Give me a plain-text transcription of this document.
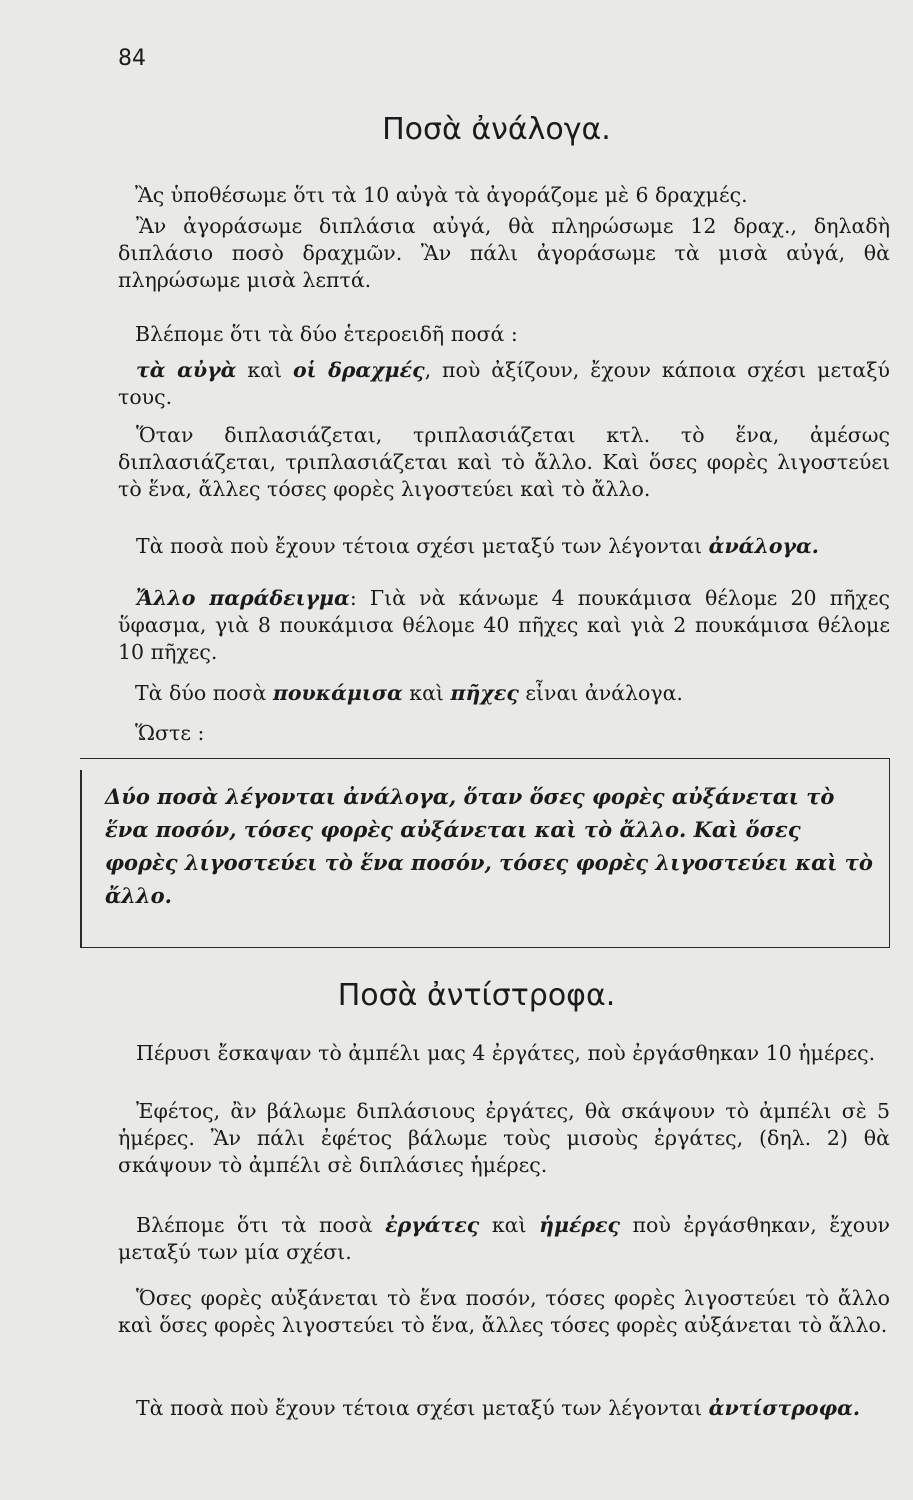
84
Ποσὰ ἀνάλογα.

Ἂς ὑποθέσωμε ὅτι τὰ 10 αὐγὰ τὰ ἀγοράζομε μὲ 6 δραχμές.

Ἂν ἀγοράσωμε διπλάσια αὐγά, θὰ πληρώσωμε 12 δραχ., δηλαδὴ διπλάσιο ποσὸ δραχμῶν. Ἂν πάλι ἀγοράσωμε τὰ μισὰ αὐγά, θὰ πληρώσωμε μισὰ λεπτά.

Βλέπομε ὅτι τὰ δύο ἑτεροειδῆ ποσά :

τὰ αὐγὰ καὶ οἱ δραχμές, ποὺ ἀξίζουν, ἔχουν κάποια σχέσι μεταξύ τους.

Ὅταν διπλασιάζεται, τριπλασιάζεται κτλ. τὸ ἕνα, ἀμέσως διπλασιάζεται, τριπλασιάζεται καὶ τὸ ἄλλο. Καὶ ὅσες φορὲς λιγοστεύει τὸ ἕνα, ἄλλες τόσες φορὲς λιγοστεύει καὶ τὸ ἄλλο.

Τὰ ποσὰ ποὺ ἔχουν τέτοια σχέσι μεταξύ των λέγονται ἀνάλογα.

Ἄλλο παράδειγμα: Γιὰ νὰ κάνωμε 4 πουκάμισα θέλομε 20 πῆχες ὕφασμα, γιὰ 8 πουκάμισα θέλομε 40 πῆχες καὶ γιὰ 2 πουκάμισα θέλομε 10 πῆχες.

Τὰ δύο ποσὰ πουκάμισα καὶ πῆχες εἶναι ἀνάλογα.

Ὥστε :

Δύο ποσὰ λέγονται ἀνάλογα, ὅταν ὅσες φορὲς αὐξάνεται τὸ ἕνα ποσόν, τόσες φορὲς αὐξάνεται καὶ τὸ ἄλλο. Καὶ ὅσες φορὲς λιγοστεύει τὸ ἕνα ποσόν, τόσες φορὲς λιγοστεύει καὶ τὸ ἄλλο.

Ποσὰ ἀντίστροφα.

Πέρυσι ἔσκαψαν τὸ ἀμπέλι μας 4 ἐργάτες, ποὺ ἐργάσθηκαν 10 ἡμέρες.

Ἐφέτος, ἂν βάλωμε διπλάσιους ἐργάτες, θὰ σκάψουν τὸ ἀμπέλι σὲ 5 ἡμέρες. Ἂν πάλι ἐφέτος βάλωμε τοὺς μισοὺς ἐργάτες, (δηλ. 2) θὰ σκάψουν τὸ ἀμπέλι σὲ διπλάσιες ἡμέρες.

Βλέπομε ὅτι τὰ ποσὰ ἐργάτες καὶ ἡμέρες ποὺ ἐργάσθηκαν, ἔχουν μεταξύ των μία σχέσι.

Ὅσες φορὲς αὐξάνεται τὸ ἕνα ποσόν, τόσες φορὲς λιγοστεύει τὸ ἄλλο καὶ ὅσες φορὲς λιγοστεύει τὸ ἕνα, ἄλλες τόσες φορὲς αὐξάνεται τὸ ἄλλο.

Τὰ ποσὰ ποὺ ἔχουν τέτοια σχέσι μεταξύ των λέγονται ἀντίστροφα.
